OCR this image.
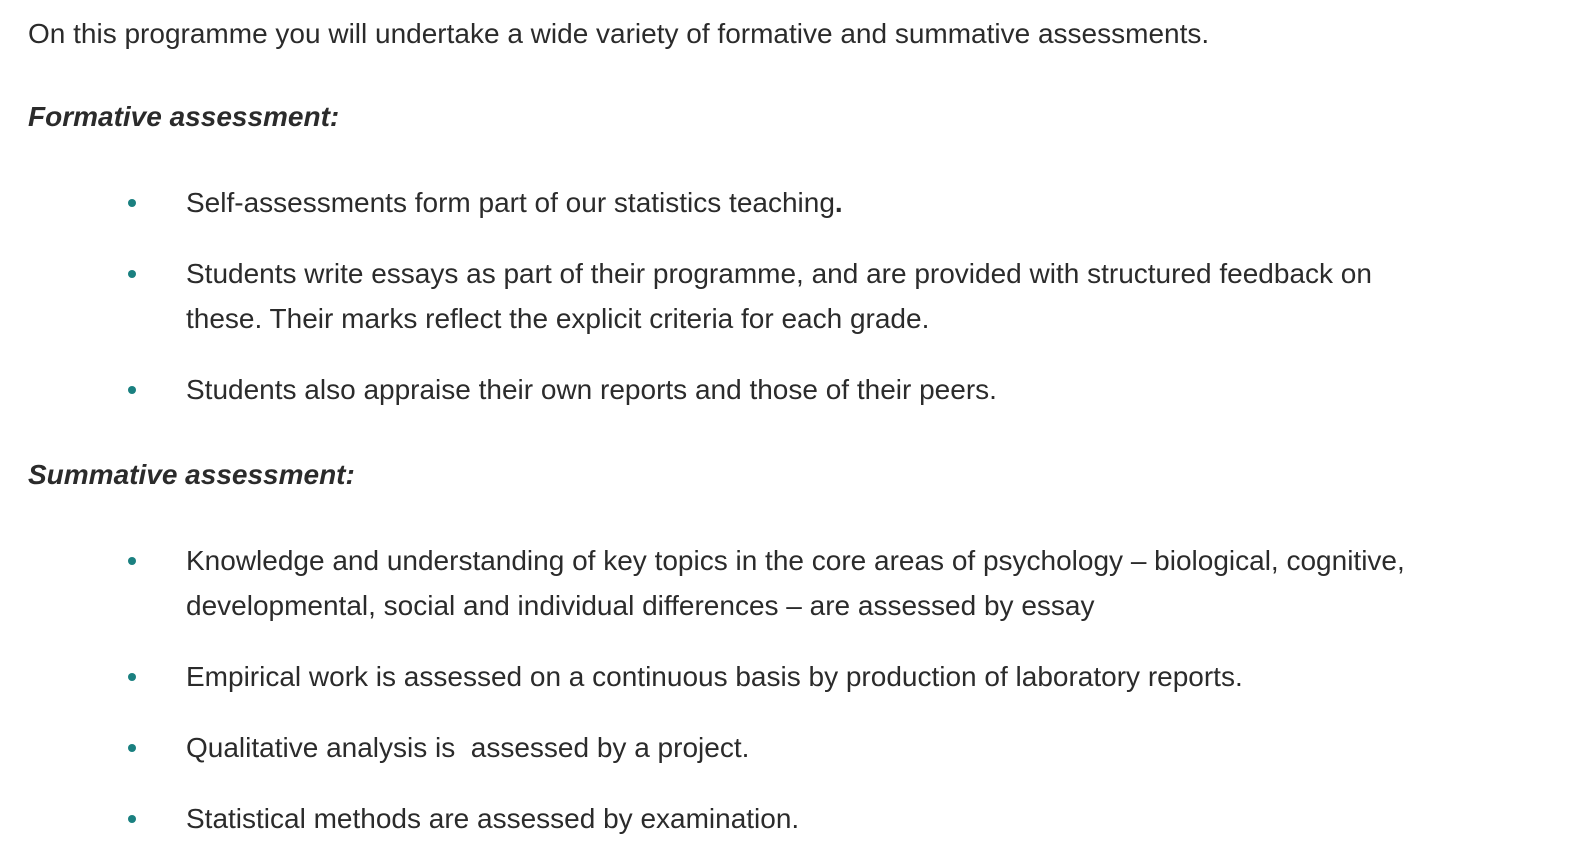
On this programme you will undertake a wide variety of formative and summative assessments.

Formative assessment:
Self-assessments form part of our statistics teaching.
Students write essays as part of their programme, and are provided with structured feedback on these. Their marks reflect the explicit criteria for each grade.
Students also appraise their own reports and those of their peers.
Summative assessment:
Knowledge and understanding of key topics in the core areas of psychology – biological, cognitive, developmental, social and individual differences – are assessed by essay
Empirical work is assessed on a continuous basis by production of laboratory reports.
Qualitative analysis is  assessed by a project.
Statistical methods are assessed by examination.
